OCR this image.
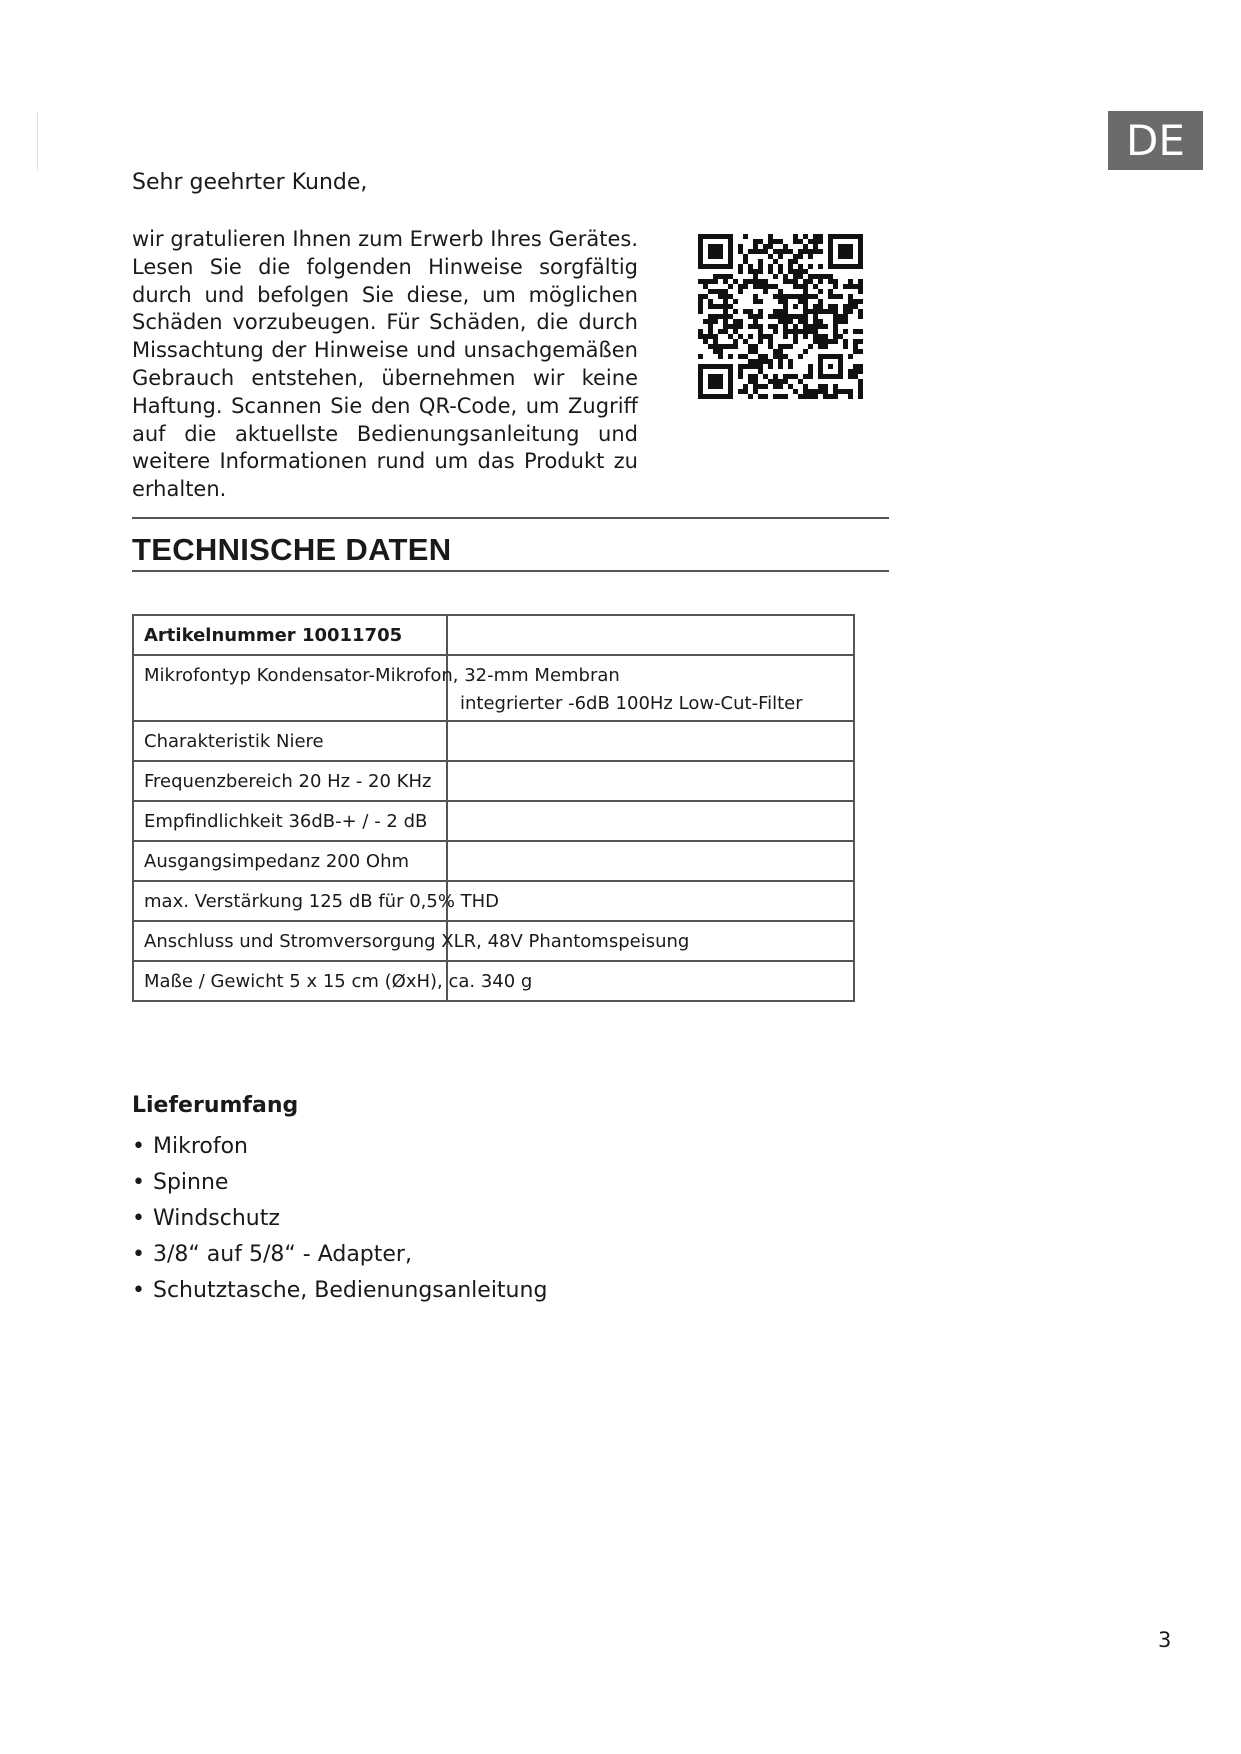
DE
Sehr geehrter Kunde,

wir gratulieren Ihnen zum Erwerb Ihres Gerätes. Lesen Sie die folgenden Hinweise sorgfältig durch und befolgen Sie diese, um möglichen Schäden vorzubeugen. Für Schäden, die durch Missachtung der Hinweise und unsachgemäßen Gebrauch entstehen, übernehmen wir keine Haftung. Scannen Sie den QR-Code, um Zugriff auf die aktuellste Bedienungsanleitung und weitere Informationen rund um das Produkt zu erhalten.

TECHNISCHE DATEN
Artikelnummer 10011705	

Mikrofontyp Kondensator-Mikrofon, 32-mm Membran	integrierter -6dB 100Hz Low-Cut-Filter

Charakteristik Niere	

Frequenzbereich 20 Hz - 20 KHz	

Empfindlichkeit 36dB-+ / - 2 dB	

Ausgangsimpedanz 200 Ohm	

max. Verstärkung 125 dB für 0,5% THD	

Anschluss und Stromversorgung XLR, 48V Phantomspeisung	

Maße / Gewicht 5 x 15 cm (ØxH), ca. 340 g	

Lieferumfang
• Mikrofon
• Spinne
• Windschutz
• 3/8“ auf 5/8“ - Adapter,
• Schutztasche, Bedienungsanleitung
3
